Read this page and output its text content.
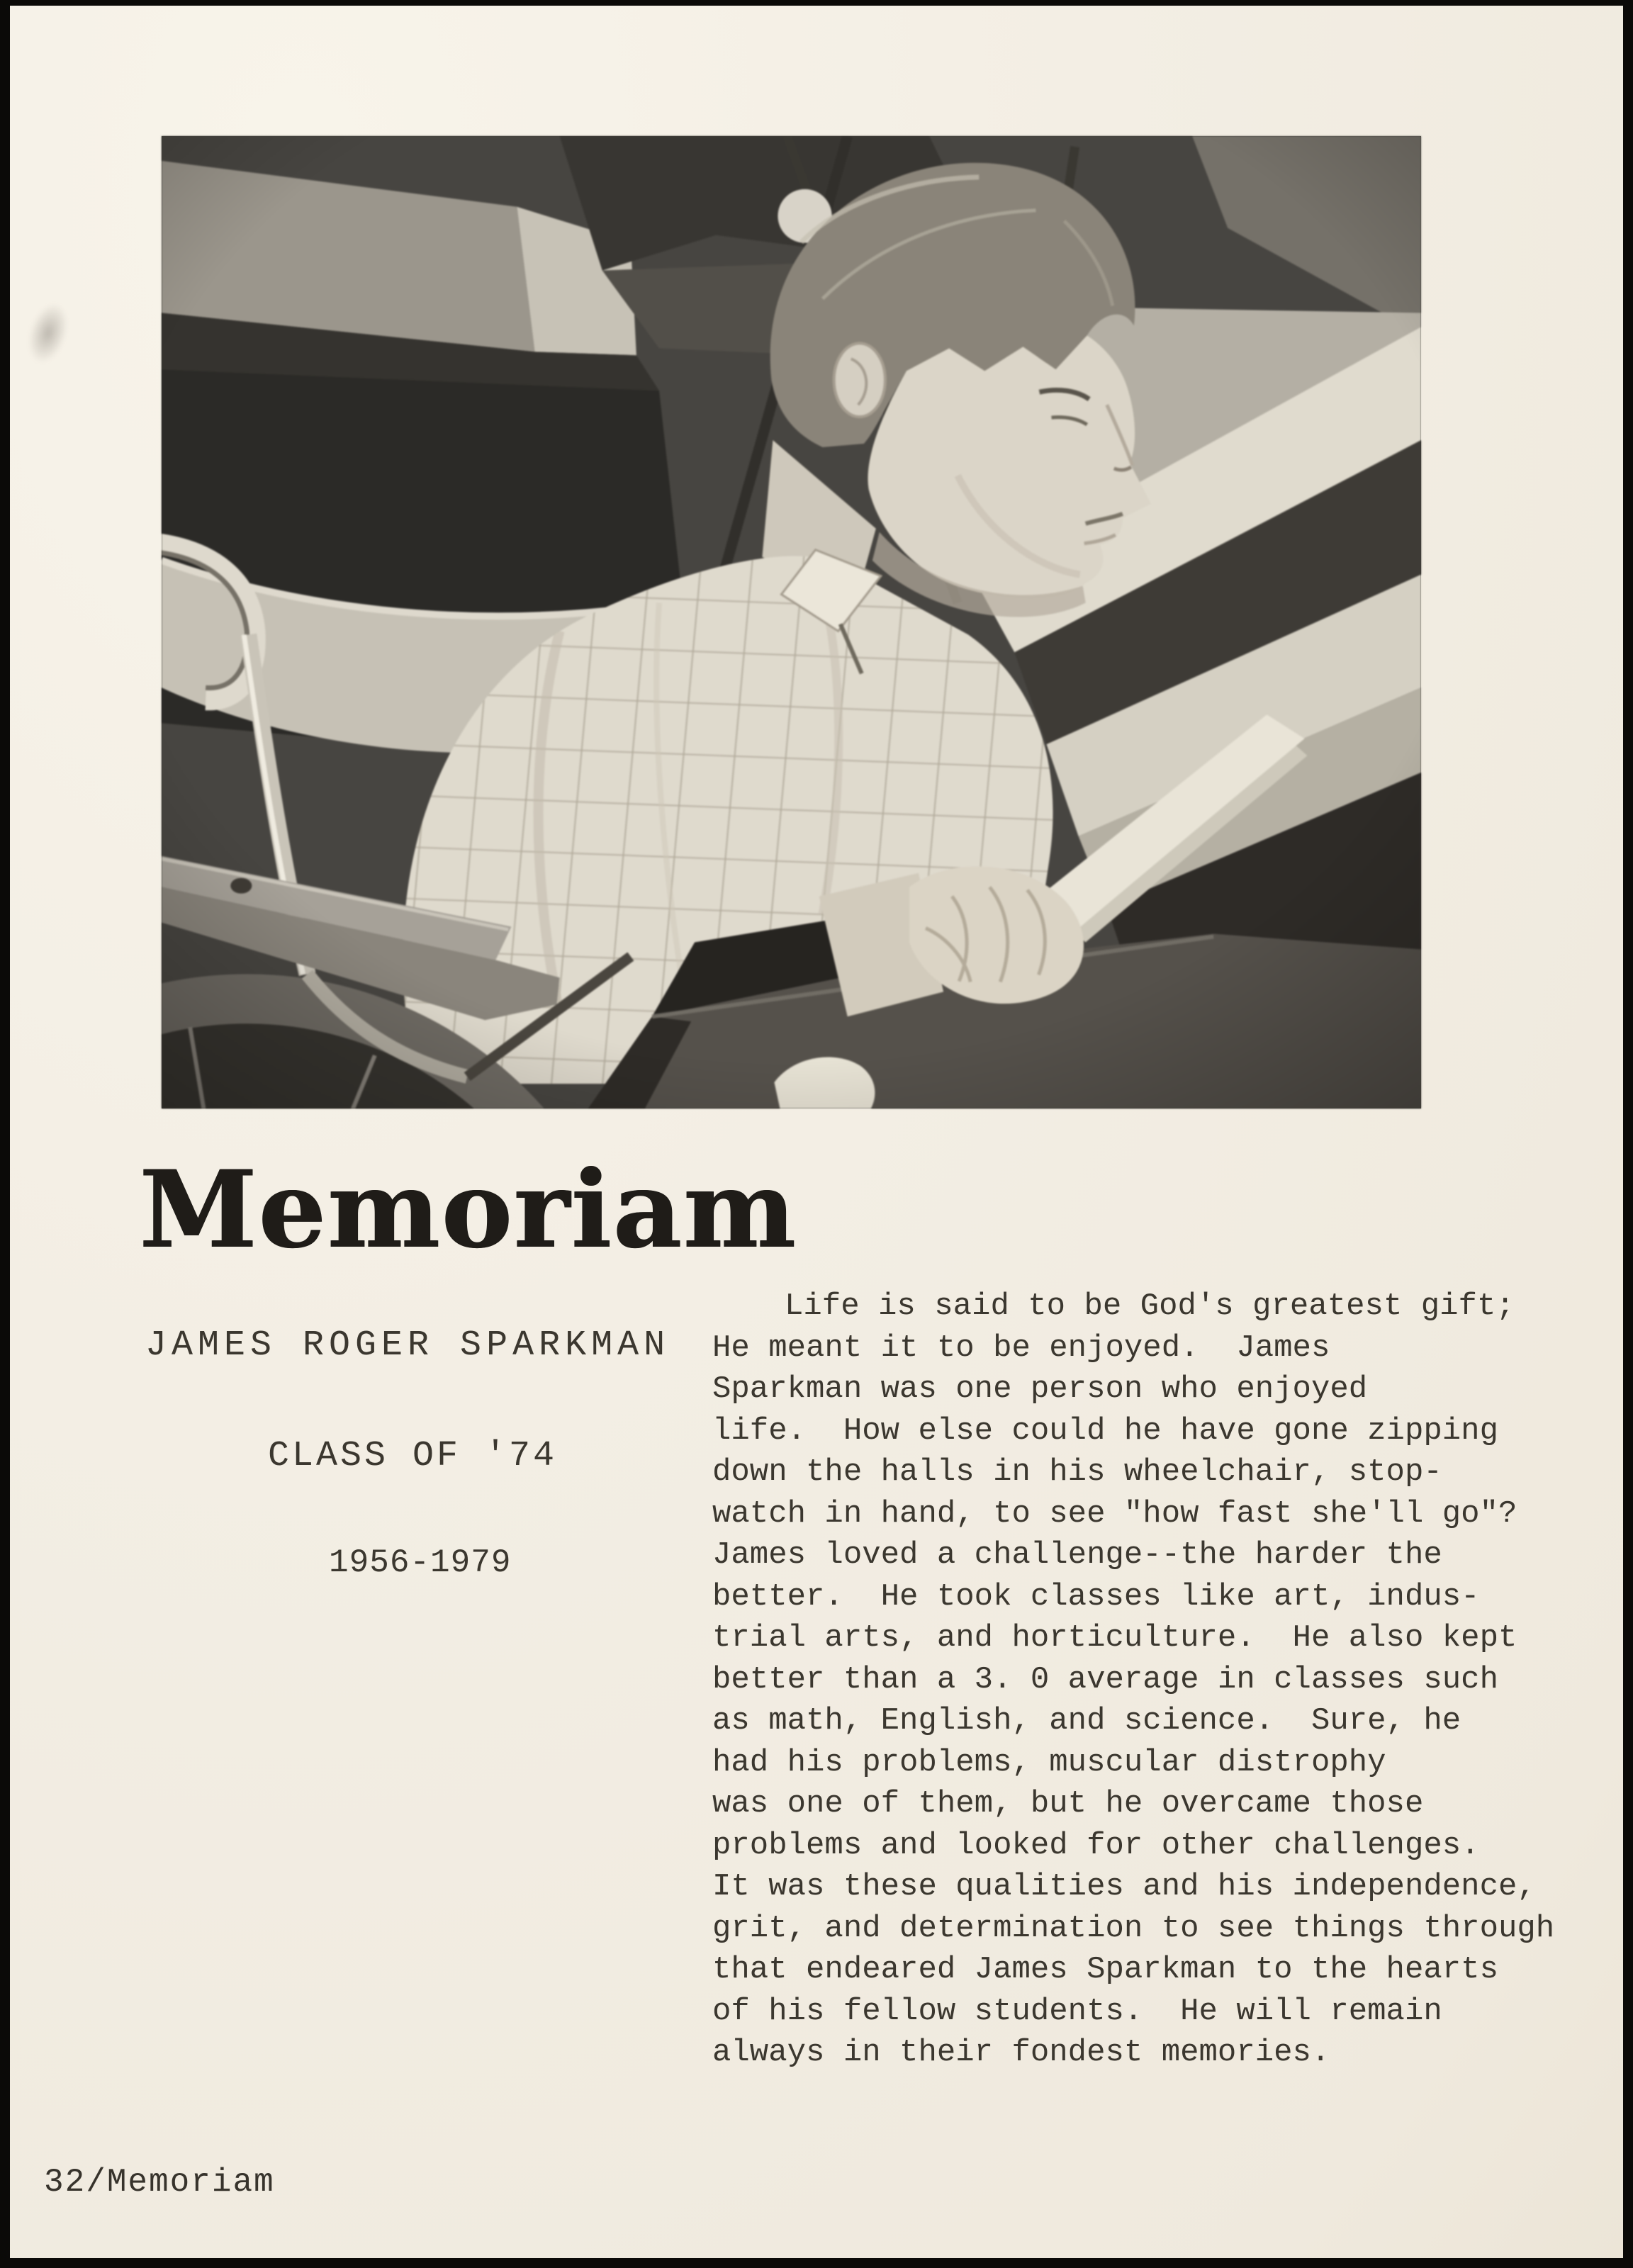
Memoriam
JAMES ROGER SPARKMAN
CLASS OF '74
1956-1979
Life is said to be God's greatest gift;
He meant it to be enjoyed.  James
Sparkman was one person who enjoyed
life.  How else could he have gone zipping
down the halls in his wheelchair, stop-
watch in hand, to see "how fast she'll go"?
James loved a challenge--the harder the
better.  He took classes like art, indus-
trial arts, and horticulture.  He also kept
better than a 3. 0 average in classes such
as math, English, and science.  Sure, he
had his problems, muscular distrophy
was one of them, but he overcame those
problems and looked for other challenges.
It was these qualities and his independence,
grit, and determination to see things through
that endeared James Sparkman to the hearts
of his fellow students.  He will remain
always in their fondest memories.
32/Memoriam
